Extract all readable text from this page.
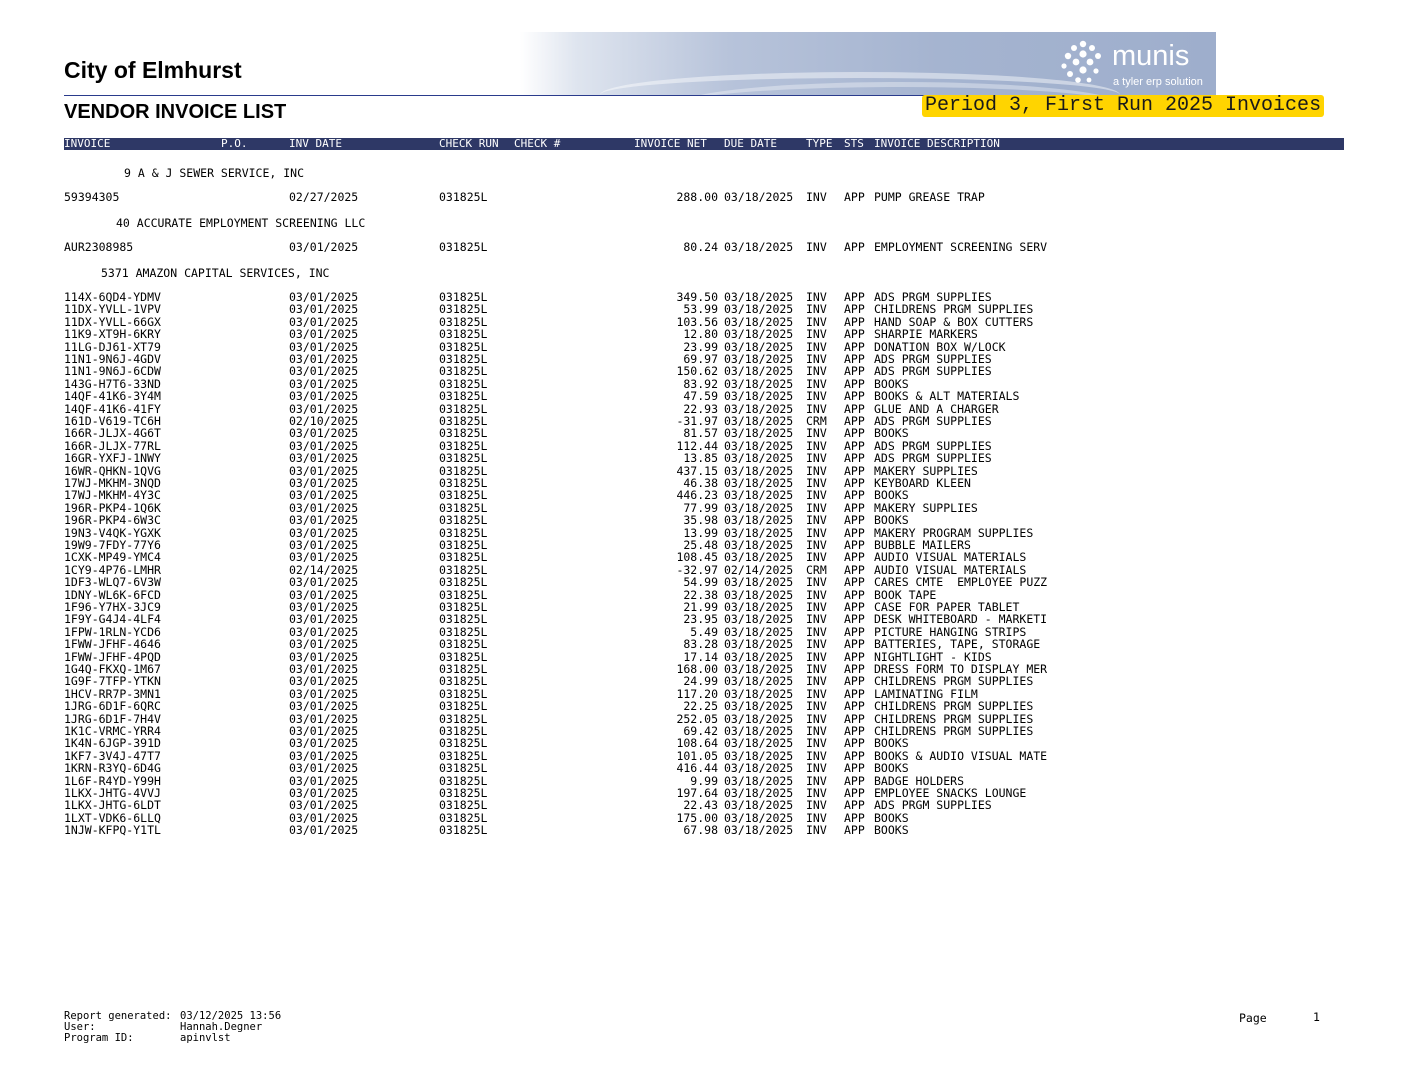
munis
a tyler erp solution
City of Elmhurst
VENDOR INVOICE LIST	Period 3, First Run 2025 Invoices
INVOICE	P.O.	INV DATE	CHECK RUN CHECK #	INVOICE NET DUE DATE	TYPE STS INVOICE DESCRIPTION
9 A & J SEWER SERVICE, INC
59394305	02/27/2025	031825L	288.00 03/18/2025 INV APP PUMP GREASE TRAP
40 ACCURATE EMPLOYMENT SCREENING LLC
AUR2308985	03/01/2025	031825L	80.24 03/18/2025 INV APP EMPLOYMENT SCREENING SERV
5371 AMAZON CAPITAL SERVICES, INC
114X-6QD4-YDMV	03/01/2025	031825L	349.50 03/18/2025 INV APP ADS PRGM SUPPLIES
11DX-YVLL-1VPV	03/01/2025	031825L	53.99 03/18/2025 INV APP CHILDRENS PRGM SUPPLIES
11DX-YVLL-66GX	03/01/2025	031825L	103.56 03/18/2025 INV APP HAND SOAP & BOX CUTTERS
11K9-XT9H-6KRY	03/01/2025	031825L	12.80 03/18/2025 INV APP SHARPIE MARKERS
11LG-DJ61-XT79	03/01/2025	031825L	23.99 03/18/2025 INV APP DONATION BOX W/LOCK
11N1-9N6J-4GDV	03/01/2025	031825L	69.97 03/18/2025 INV APP ADS PRGM SUPPLIES
11N1-9N6J-6CDW	03/01/2025	031825L	150.62 03/18/2025 INV APP ADS PRGM SUPPLIES
143G-H7T6-33ND	03/01/2025	031825L	83.92 03/18/2025 INV APP BOOKS
14QF-41K6-3Y4M	03/01/2025	031825L	47.59 03/18/2025 INV APP BOOKS & ALT MATERIALS
14QF-41K6-41FY	03/01/2025	031825L	22.93 03/18/2025 INV APP GLUE AND A CHARGER
161D-V619-TC6H	02/10/2025	031825L	-31.97 03/18/2025 CRM APP ADS PRGM SUPPLIES
166R-JLJX-4G6T	03/01/2025	031825L	81.57 03/18/2025 INV APP BOOKS
166R-JLJX-77RL	03/01/2025	031825L	112.44 03/18/2025 INV APP ADS PRGM SUPPLIES
16GR-YXFJ-1NWY	03/01/2025	031825L	13.85 03/18/2025 INV APP ADS PRGM SUPPLIES
16WR-QHKN-1QVG	03/01/2025	031825L	437.15 03/18/2025 INV APP MAKERY SUPPLIES
17WJ-MKHM-3NQD	03/01/2025	031825L	46.38 03/18/2025 INV APP KEYBOARD KLEEN
17WJ-MKHM-4Y3C	03/01/2025	031825L	446.23 03/18/2025 INV APP BOOKS
196R-PKP4-1Q6K	03/01/2025	031825L	77.99 03/18/2025 INV APP MAKERY SUPPLIES
196R-PKP4-6W3C	03/01/2025	031825L	35.98 03/18/2025 INV APP BOOKS
19N3-V4QK-YGXK	03/01/2025	031825L	13.99 03/18/2025 INV APP MAKERY PROGRAM SUPPLIES
19W9-7FDY-77Y6	03/01/2025	031825L	25.48 03/18/2025 INV APP BUBBLE MAILERS
1CXK-MP49-YMC4	03/01/2025	031825L	108.45 03/18/2025 INV APP AUDIO VISUAL MATERIALS
1CY9-4P76-LMHR	02/14/2025	031825L	-32.97 02/14/2025 CRM APP AUDIO VISUAL MATERIALS
1DF3-WLQ7-6V3W	03/01/2025	031825L	54.99 03/18/2025 INV APP CARES CMTE  EMPLOYEE PUZZ
1DNY-WL6K-6FCD	03/01/2025	031825L	22.38 03/18/2025 INV APP BOOK TAPE
1F96-Y7HX-3JC9	03/01/2025	031825L	21.99 03/18/2025 INV APP CASE FOR PAPER TABLET
1F9Y-G4J4-4LF4	03/01/2025	031825L	23.95 03/18/2025 INV APP DESK WHITEBOARD - MARKETI
1FPW-1RLN-YCD6	03/01/2025	031825L	5.49 03/18/2025 INV APP PICTURE HANGING STRIPS
1FWW-JFHF-4646	03/01/2025	031825L	83.28 03/18/2025 INV APP BATTERIES, TAPE, STORAGE
1FWW-JFHF-4PQD	03/01/2025	031825L	17.14 03/18/2025 INV APP NIGHTLIGHT - KIDS
1G4Q-FKXQ-1M67	03/01/2025	031825L	168.00 03/18/2025 INV APP DRESS FORM TO DISPLAY MER
1G9F-7TFP-YTKN	03/01/2025	031825L	24.99 03/18/2025 INV APP CHILDRENS PRGM SUPPLIES
1HCV-RR7P-3MN1	03/01/2025	031825L	117.20 03/18/2025 INV APP LAMINATING FILM
1JRG-6D1F-6QRC	03/01/2025	031825L	22.25 03/18/2025 INV APP CHILDRENS PRGM SUPPLIES
1JRG-6D1F-7H4V	03/01/2025	031825L	252.05 03/18/2025 INV APP CHILDRENS PRGM SUPPLIES
1K1C-VRMC-YRR4	03/01/2025	031825L	69.42 03/18/2025 INV APP CHILDRENS PRGM SUPPLIES
1K4N-6JGP-391D	03/01/2025	031825L	108.64 03/18/2025 INV APP BOOKS
1KF7-3V4J-47T7	03/01/2025	031825L	101.05 03/18/2025 INV APP BOOKS & AUDIO VISUAL MATE
1KRN-R3YQ-6D4G	03/01/2025	031825L	416.44 03/18/2025 INV APP BOOKS
1L6F-R4YD-Y99H	03/01/2025	031825L	9.99 03/18/2025 INV APP BADGE HOLDERS
1LKX-JHTG-4VVJ	03/01/2025	031825L	197.64 03/18/2025 INV APP EMPLOYEE SNACKS LOUNGE
1LKX-JHTG-6LDT	03/01/2025	031825L	22.43 03/18/2025 INV APP ADS PRGM SUPPLIES
1LXT-VDK6-6LLQ	03/01/2025	031825L	175.00 03/18/2025 INV APP BOOKS
1NJW-KFPQ-Y1TL	03/01/2025	031825L	67.98 03/18/2025 INV APP BOOKS
Report generated: 03/12/2025 13:56
User:	Hannah.Degner
Program ID:	apinvlst
Page	1
